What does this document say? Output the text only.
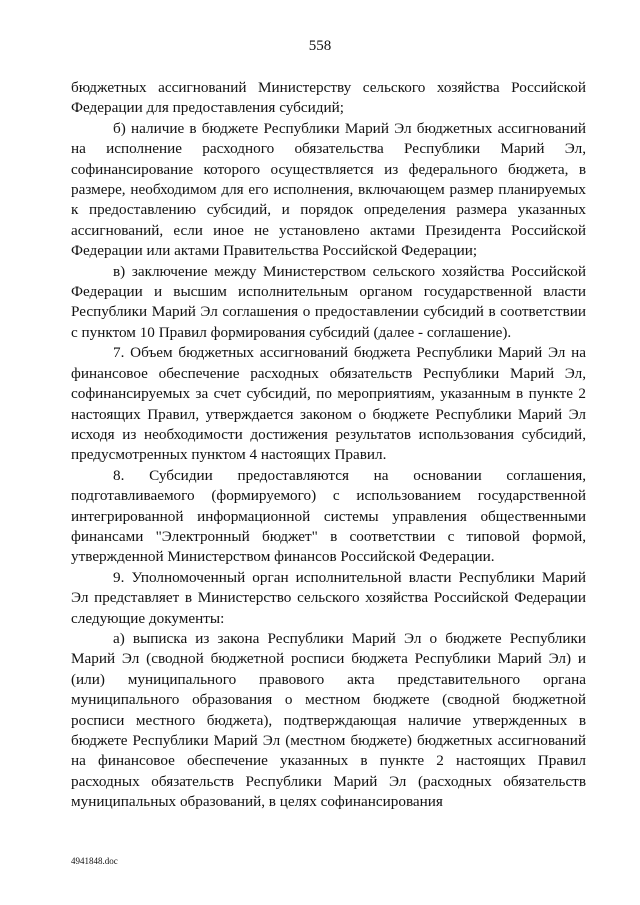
558

бюджетных ассигнований Министерству сельского хозяйства Российской Федерации для предоставления субсидий;

б) наличие в бюджете Республики Марий Эл бюджетных ассигнований на исполнение расходного обязательства Республики Марий Эл, софинансирование которого осуществляется из федерального бюджета, в размере, необходимом для его исполнения, включающем размер планируемых к предоставлению субсидий, и порядок определения размера указанных ассигнований, если иное не установлено актами Президента Российской Федерации или актами Правительства Российской Федерации;

в) заключение между Министерством сельского хозяйства Российской Федерации и высшим исполнительным органом государственной власти Республики Марий Эл соглашения о предоставлении субсидий в соответствии с пунктом 10 Правил формирования субсидий (далее - соглашение).

7. Объем бюджетных ассигнований бюджета Республики Марий Эл на финансовое обеспечение расходных обязательств Республики Марий Эл, софинансируемых за счет субсидий, по мероприятиям, указанным в пункте 2 настоящих Правил, утверждается законом о бюджете Республики Марий Эл исходя из необходимости достижения результатов использования субсидий, предусмотренных пунктом 4 настоящих Правил.

8. Субсидии предоставляются на основании соглашения, подготавливаемого (формируемого) с использованием государственной интегрированной информационной системы управления общественными финансами "Электронный бюджет" в соответствии с типовой формой, утвержденной Министерством финансов Российской Федерации.

9. Уполномоченный орган исполнительной власти Республики Марий Эл представляет в Министерство сельского хозяйства Российской Федерации следующие документы:

а) выписка из закона Республики Марий Эл о бюджете Республики Марий Эл (сводной бюджетной росписи бюджета Республики Марий Эл) и (или) муниципального правового акта представительного органа муниципального образования о местном бюджете (сводной бюджетной росписи местного бюджета), подтверждающая наличие утвержденных в бюджете Республики Марий Эл (местном бюджете) бюджетных ассигнований на финансовое обеспечение указанных в пункте 2 настоящих Правил расходных обязательств Республики Марий Эл (расходных обязательств муниципальных образований, в целях софинансирования

4941848.doc
